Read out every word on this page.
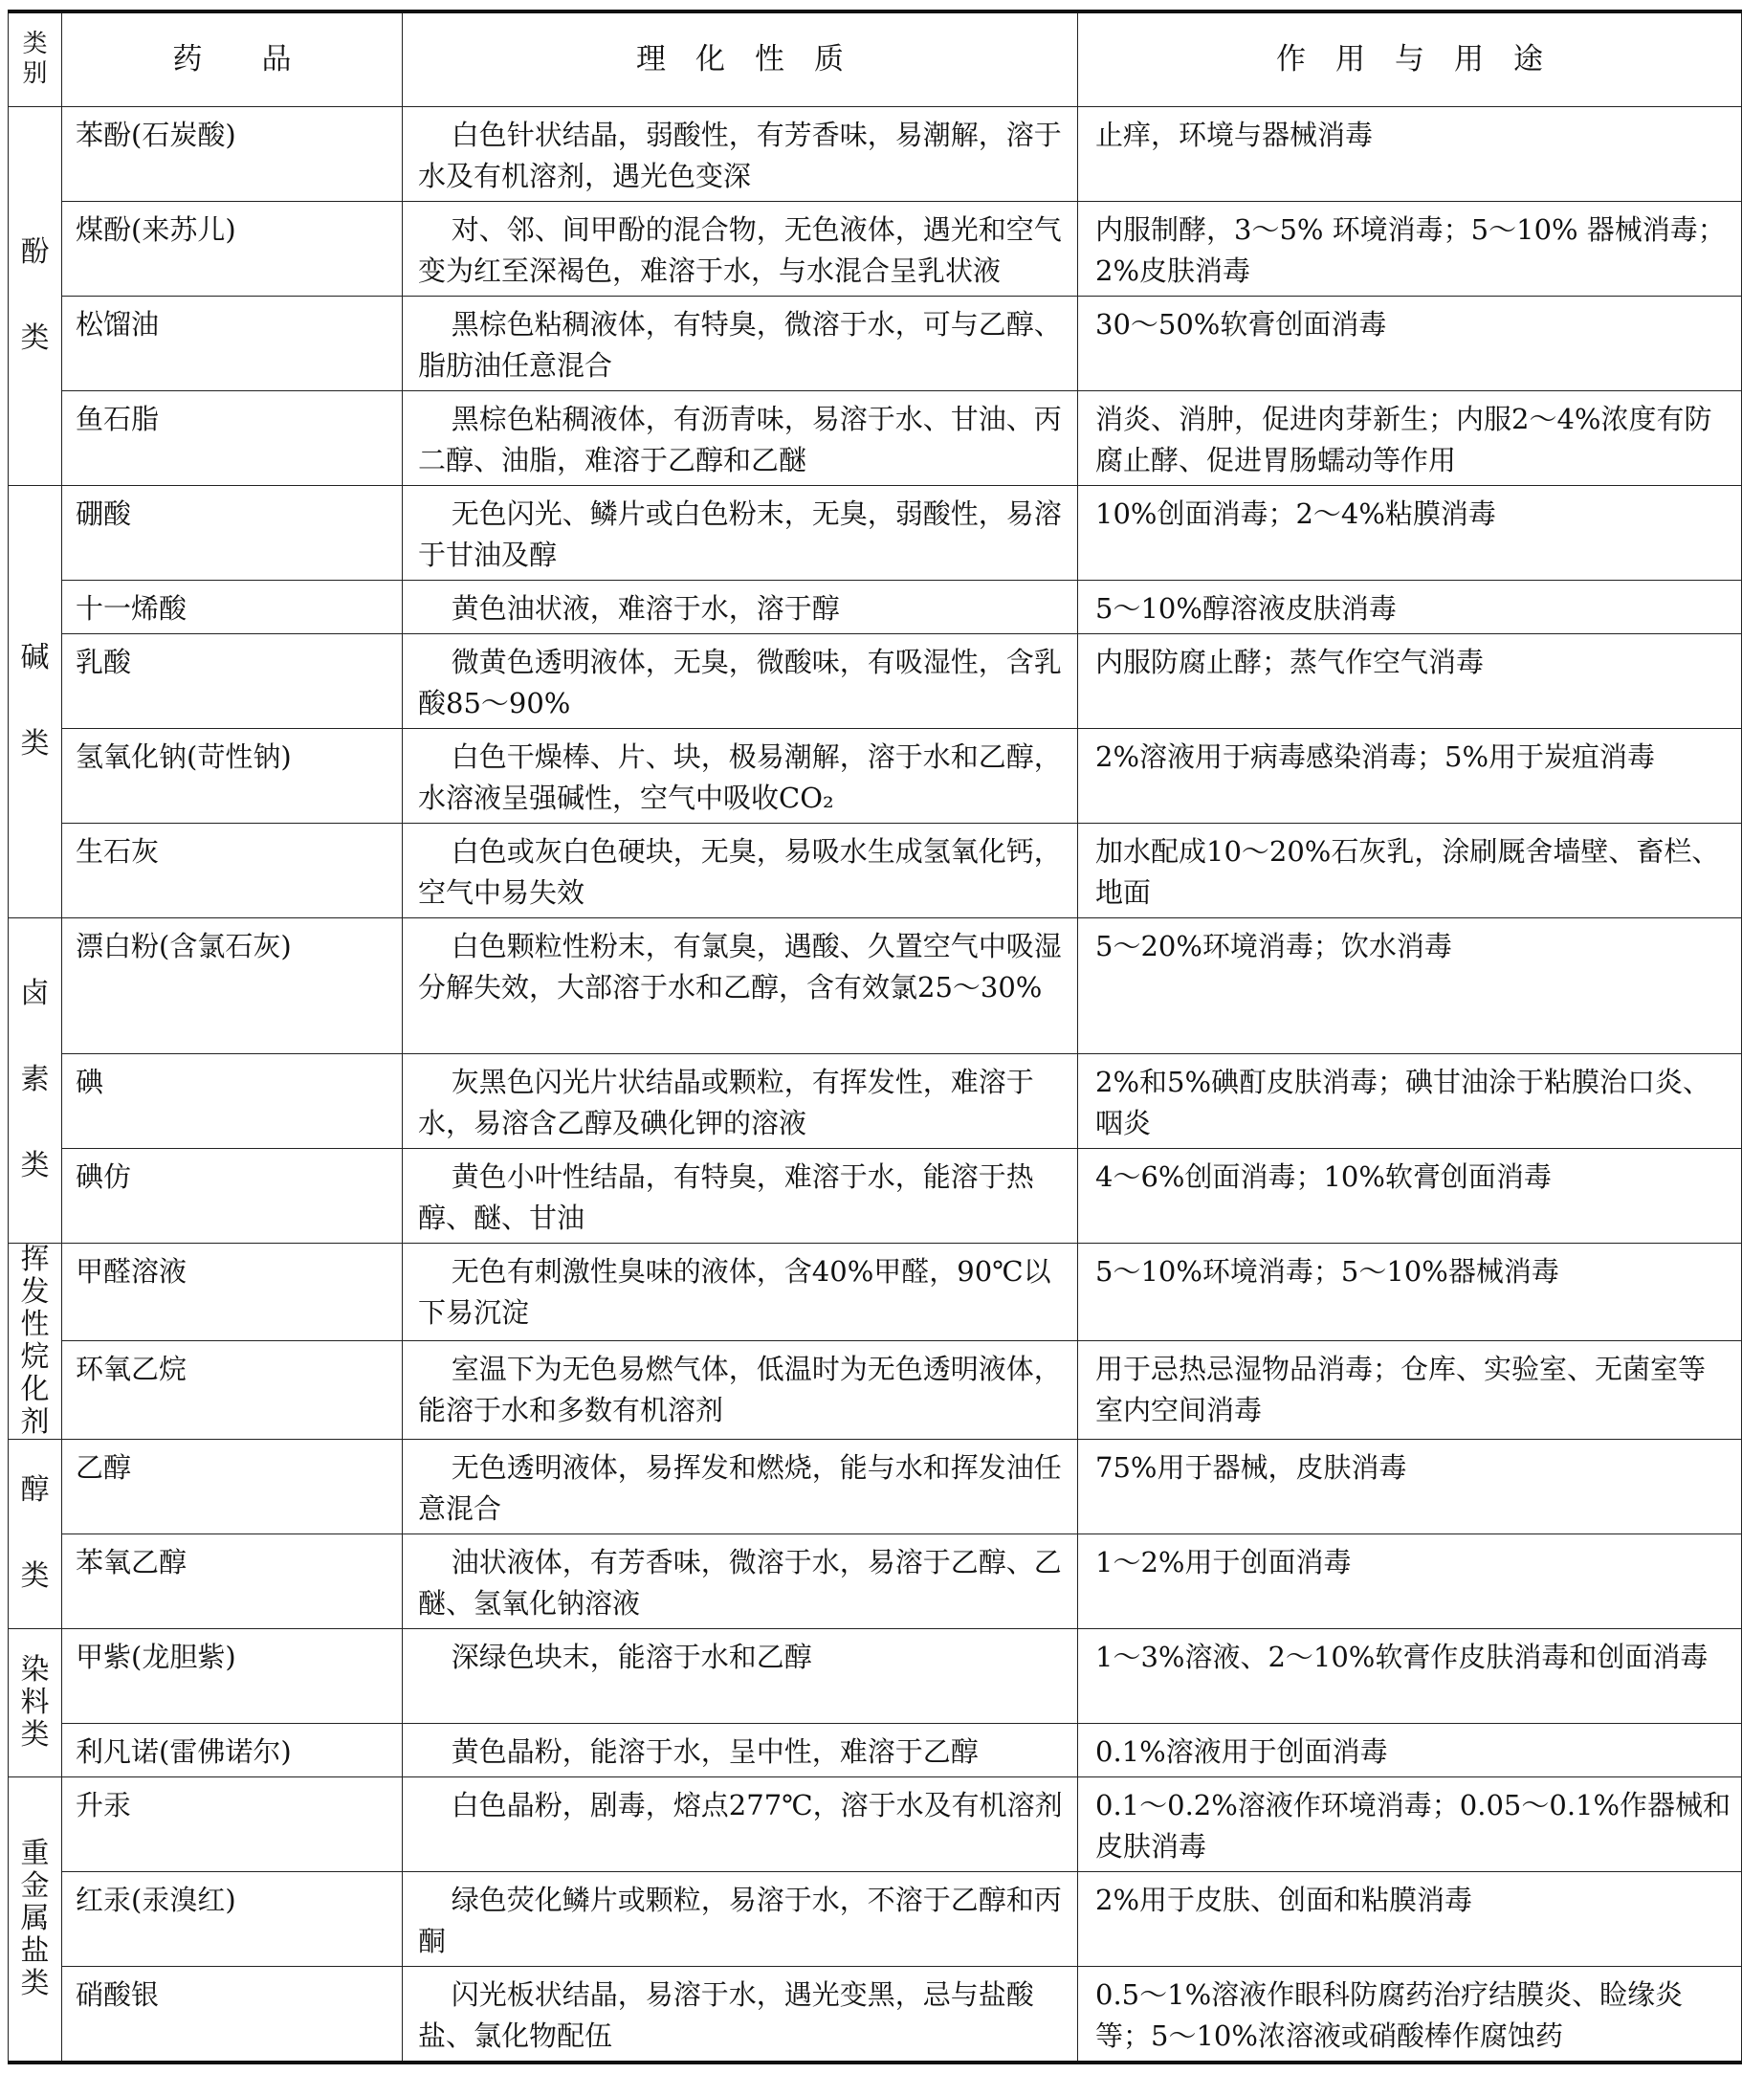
类别	药　　品	理　化　性　质	作　用　与　用　途
酚类	苯酚(石炭酸)	白色针状结晶，弱酸性，有芳香味，易潮解，溶于水及有机溶剂，遇光色变深	止痒，环境与器械消毒
	煤酚(来苏儿)	对、邻、间甲酚的混合物，无色液体，遇光和空气变为红至深褐色，难溶于水，与水混合呈乳状液	内服制酵，3～5% 环境消毒；5～10% 器械消毒；2%皮肤消毒
	松馏油	黑棕色粘稠液体，有特臭，微溶于水，可与乙醇、脂肪油任意混合	30～50%软膏创面消毒
	鱼石脂	黑棕色粘稠液体，有沥青味，易溶于水、甘油、丙二醇、油脂，难溶于乙醇和乙醚	消炎、消肿，促进肉芽新生；内服2～4%浓度有防腐止酵、促进胃肠蠕动等作用
碱类	硼酸	无色闪光、鳞片或白色粉末，无臭，弱酸性，易溶于甘油及醇	10%创面消毒；2～4%粘膜消毒
	十一烯酸	黄色油状液，难溶于水，溶于醇	5～10%醇溶液皮肤消毒
	乳酸	微黄色透明液体，无臭，微酸味，有吸湿性，含乳酸85～90%	内服防腐止酵；蒸气作空气消毒
	氢氧化钠(苛性钠)	白色干燥棒、片、块，极易潮解，溶于水和乙醇，水溶液呈强碱性，空气中吸收CO₂	2%溶液用于病毒感染消毒；5%用于炭疽消毒
	生石灰	白色或灰白色硬块，无臭，易吸水生成氢氧化钙，空气中易失效	加水配成10～20%石灰乳，涂刷厩舍墙壁、畜栏、地面
卤素类	漂白粉(含氯石灰)	白色颗粒性粉末，有氯臭，遇酸、久置空气中吸湿分解失效，大部溶于水和乙醇，含有效氯25～30%	5～20%环境消毒；饮水消毒
	碘	灰黑色闪光片状结晶或颗粒，有挥发性，难溶于水，易溶含乙醇及碘化钾的溶液	2%和5%碘酊皮肤消毒；碘甘油涂于粘膜治口炎、咽炎
	碘仿	黄色小叶性结晶，有特臭，难溶于水，能溶于热醇、醚、甘油	4～6%创面消毒；10%软膏创面消毒
挥发性烷化剂	甲醛溶液	无色有刺激性臭味的液体，含40%甲醛，90℃以下易沉淀	5～10%环境消毒；5～10%器械消毒
	环氧乙烷	室温下为无色易燃气体，低温时为无色透明液体，能溶于水和多数有机溶剂	用于忌热忌湿物品消毒；仓库、实验室、无菌室等室内空间消毒
醇类	乙醇	无色透明液体，易挥发和燃烧，能与水和挥发油任意混合	75%用于器械，皮肤消毒
	苯氧乙醇	油状液体，有芳香味，微溶于水，易溶于乙醇、乙醚、氢氧化钠溶液	1～2%用于创面消毒
染料类	甲紫(龙胆紫)	深绿色块末，能溶于水和乙醇	1～3%溶液、2～10%软膏作皮肤消毒和创面消毒
	利凡诺(雷佛诺尔)	黄色晶粉，能溶于水，呈中性，难溶于乙醇	0.1%溶液用于创面消毒
重金属盐类	升汞	白色晶粉，剧毒，熔点277℃，溶于水及有机溶剂	0.1～0.2%溶液作环境消毒；0.05～0.1%作器械和皮肤消毒
	红汞(汞溴红)	绿色荧化鳞片或颗粒，易溶于水，不溶于乙醇和丙酮	2%用于皮肤、创面和粘膜消毒
	硝酸银	闪光板状结晶，易溶于水，遇光变黑，忌与盐酸盐、氯化物配伍	0.5～1%溶液作眼科防腐药治疗结膜炎、睑缘炎等；5～10%浓溶液或硝酸棒作腐蚀药
